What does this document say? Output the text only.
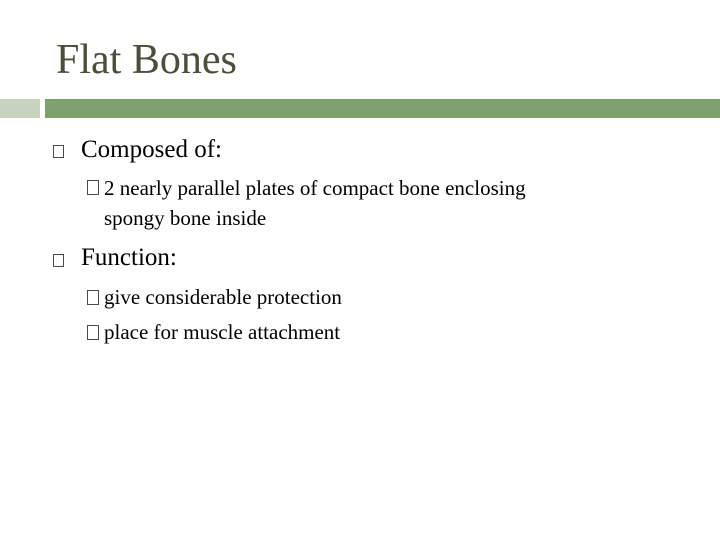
Flat Bones
Composed of:
2 nearly parallel plates of compact bone enclosing
spongy bone inside
Function:
give considerable protection
place for muscle attachment
